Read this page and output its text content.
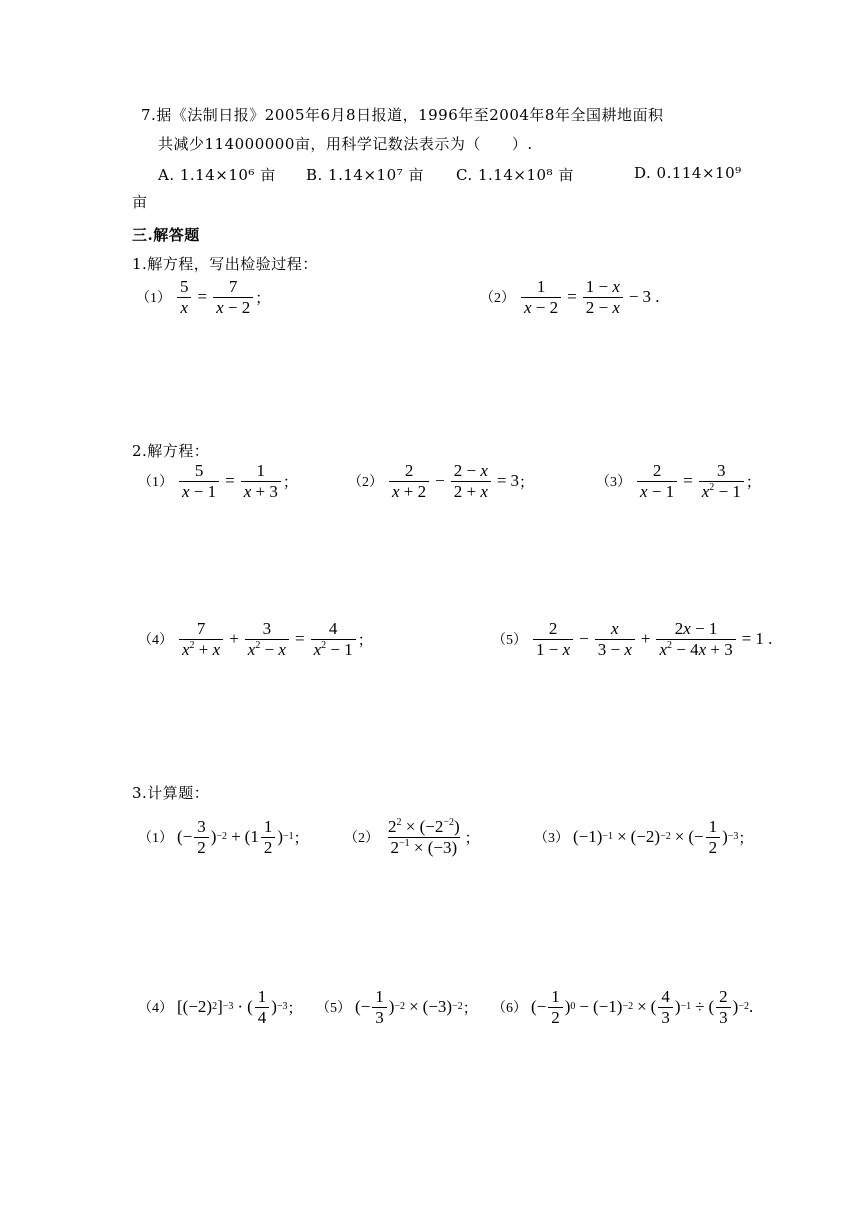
7.据《法制日报》2005年6月8日报道，1996年至2004年8年全国耕地面积
共减少114000000亩，用科学记数法表示为（　　）.
A. 1.14×10⁶ 亩 B. 1.14×10⁷ 亩 C. 1.14×10⁸ 亩	D. 0.114×10⁹
亩
三.解答题
1.解方程，写出检验过程：
$(1) \frac{5}{x} = \frac{7}{x - 2}$ ；	$(2) \frac{1}{x - 2} = \frac{1 - x}{2 - x} - 3$ .
2.解方程：
$(1) \frac{5}{x - 1} = \frac{1}{x + 3}$ ；	$(2) \frac{2}{x + 2} - \frac{2 - x}{2 + x} = 3$ ；	$(3) \frac{2}{x - 1} = \frac{3}{x^2 - 1}$ ；
$(4) \frac{7}{x^2 + x} + \frac{3}{x^2 - x} = \frac{4}{x^2 - 1}$ ；	$(5) \frac{2}{1 - x} - \frac{x}{3 - x} + \frac{2x - 1}{x^2 - 4x + 3} = 1$ .
3.计算题：
（1） (− $\frac{3}{2}$ ) $-2 + (1 \frac{1}{2}$ ) −1 ；	$(2) \frac{2^2 \times (-2^{-2})}{2^{-1} \times (-3)}$ ；	（3） (−1) −1 × (−2) −2 × (− $\frac{1}{2}$ ) −3 ；
（4） [(−2) 2 ] −3 · ( $\frac{1}{4}$ ) −3 ； （5） (− $\frac{1}{3}$ ) −2 × (−3) −2 ； （6） (− $\frac{1}{2}$ ) 0 − (−1) −2 × ( $\frac{4}{3}$ ) −1 ÷ ( $\frac{2}{3}$ ) −2 .
